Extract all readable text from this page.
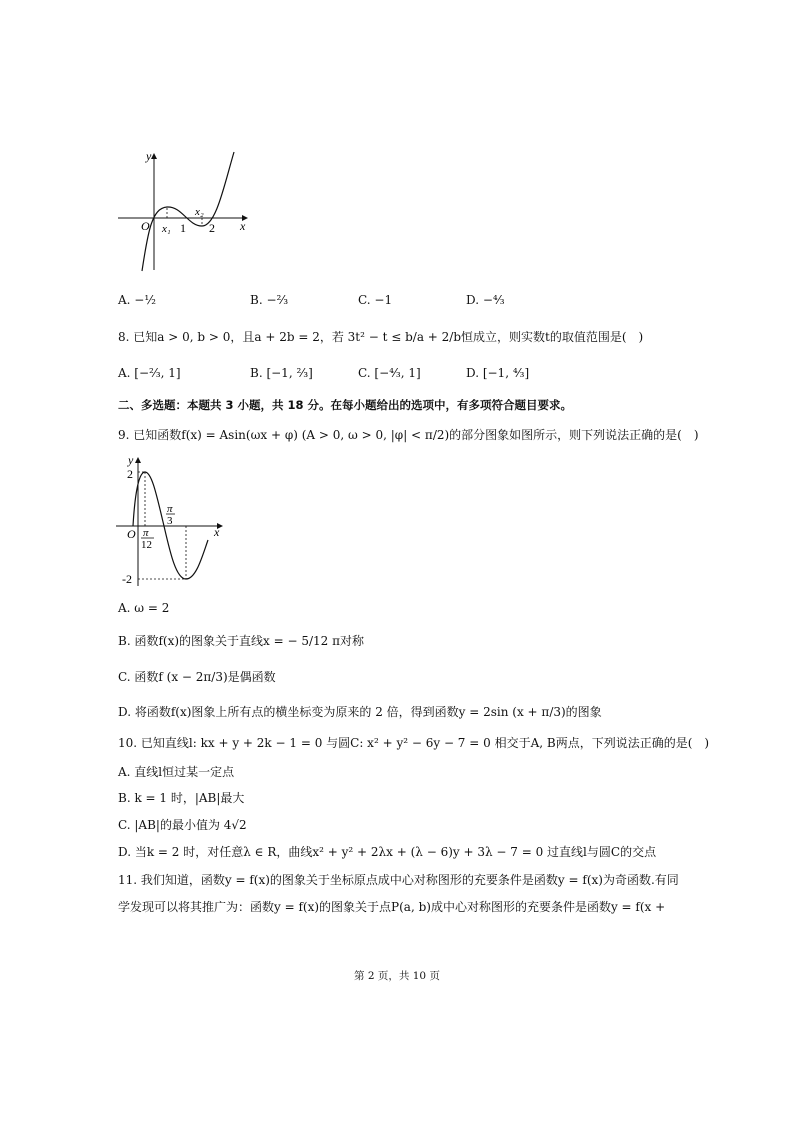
y
x
O x₁ 1
x₂
2
A. −½	B. −⅔	C. −1	D. −⁴⁄₃
8. 已知a > 0, b > 0，且a + 2b = 2，若 3t² − t ≤ b/a + 2/b恒成立，则实数t的取值范围是(　)
A. [−⅔, 1]	B. [−1, ⅔]	C. [−⁴⁄₃, 1]	D. [−1, ⁴⁄₃]
二、多选题：本题共 3 小题，共 18 分。在每小题给出的选项中，有多项符合题目要求。
9. 已知函数f(x) = Asin(ωx + φ) (A > 0, ω > 0, |φ| < π/2)的部分图象如图所示，则下列说法正确的是(　)
y
2
x
O
π
3
π
12
-2
A. ω = 2
B. 函数f(x)的图象关于直线x = − 5/12 π对称
C. 函数f (x − 2π/3)是偶函数
D. 将函数f(x)图象上所有点的横坐标变为原来的 2 倍，得到函数y = 2sin (x + π/3)的图象
10. 已知直线l: kx + y + 2k − 1 = 0 与圆C: x² + y² − 6y − 7 = 0 相交于A, B两点，下列说法正确的是(　)
A. 直线l恒过某一定点
B. k = 1 时，|AB|最大
C. |AB|的最小值为 4√2
D. 当k = 2 时，对任意λ ∈ R，曲线x² + y² + 2λx + (λ − 6)y + 3λ − 7 = 0 过直线l与圆C的交点
11. 我们知道，函数y = f(x)的图象关于坐标原点成中心对称图形的充要条件是函数y = f(x)为奇函数.有同
学发现可以将其推广为：函数y = f(x)的图象关于点P(a, b)成中心对称图形的充要条件是函数y = f(x +
第 2 页，共 10 页
